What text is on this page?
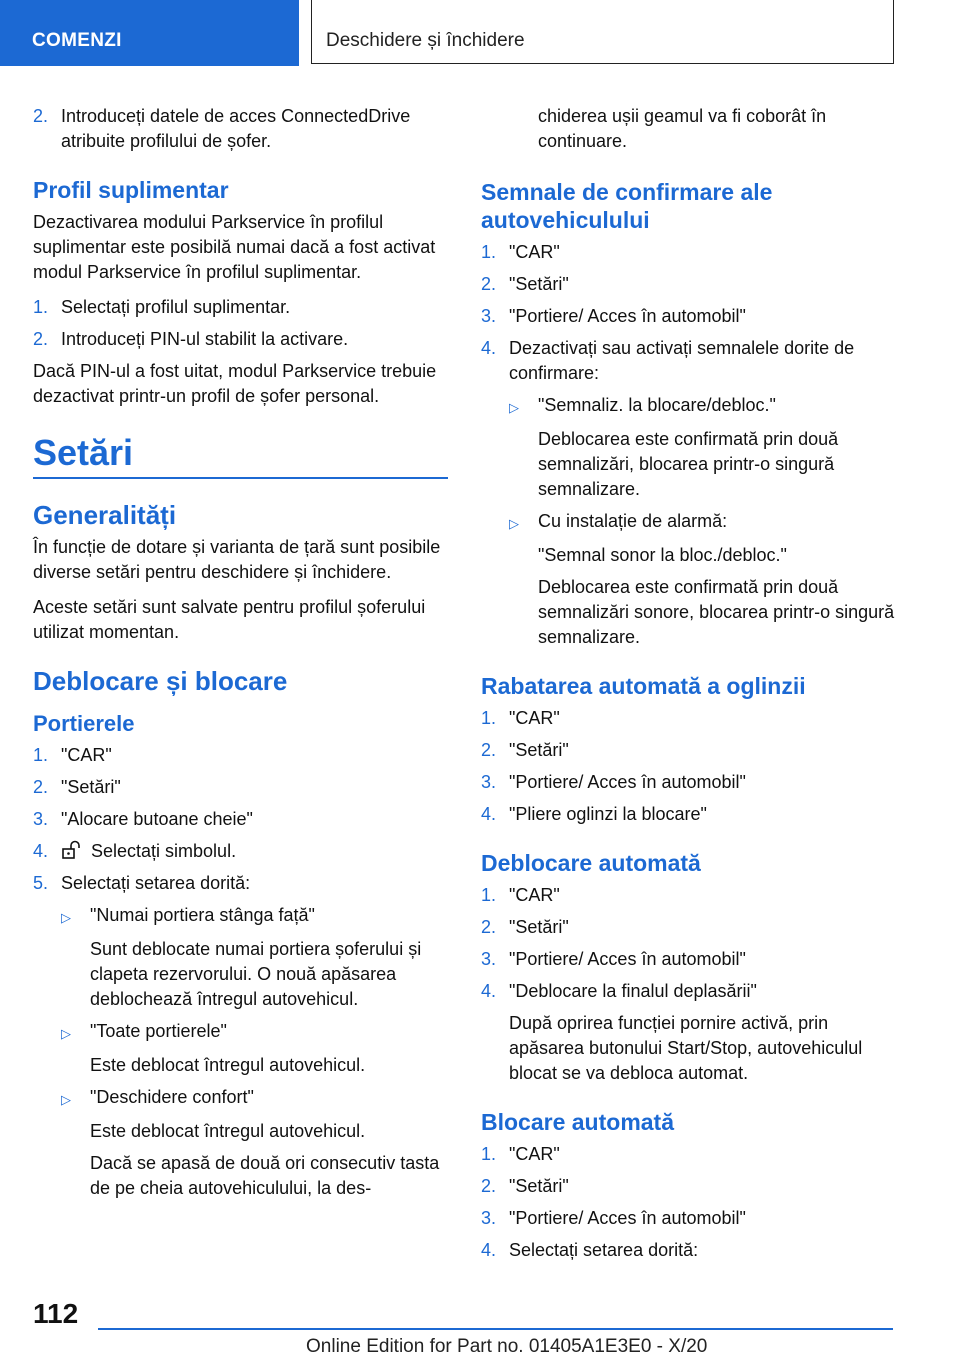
COMENZI	Deschidere și închidere
2. Introduceți datele de acces ConnectedDrive atribuite profilului de șofer.
Profil suplimentar

Dezactivarea modului Parkservice în profilul suplimentar este posibilă numai dacă a fost activat modul Parkservice în profilul suplimentar.

1. Selectați profilul suplimentar.
2. Introduceți PIN-ul stabilit la activare.

Dacă PIN-ul a fost uitat, modul Parkservice trebuie dezactivat printr-un profil de șofer personal.

Setări
Generalități

În funcție de dotare și varianta de țară sunt posibile diverse setări pentru deschidere și închidere.

Aceste setări sunt salvate pentru profilul șoferului utilizat momentan.

Deblocare și blocare
Portierele
1. "CAR"
2. "Setări"
3. "Alocare butoane cheie"
4.	Selectați simbolul.
5. Selectați setarea dorită:
▷	"Numai portiera stânga față"
Sunt deblocate numai portiera șoferului și clapeta rezervorului. O nouă apăsarea deblochează întregul autovehicul.
▷	"Toate portierele"
Este deblocat întregul autovehicul.
▷	"Deschidere confort"
Este deblocat întregul autovehicul.
Dacă se apasă de două ori consecutiv tasta de pe cheia autovehiculului, la des-
chiderea ușii geamul va fi coborât în continuare.
Semnale de confirmare ale autovehiculului
1. "CAR"
2. "Setări"
3. "Portiere/ Acces în automobil"
4. Dezactivați sau activați semnalele dorite de confirmare:
▷	"Semnaliz. la blocare/debloc."
Deblocarea este confirmată prin două semnalizări, blocarea printr-o singură semnalizare.
▷	Cu instalație de alarmă:
"Semnal sonor la bloc./debloc."
Deblocarea este confirmată prin două semnalizări sonore, blocarea printr-o singură semnalizare.
Rabatarea automată a oglinzii
1. "CAR"
2. "Setări"
3. "Portiere/ Acces în automobil"
4. "Pliere oglinzi la blocare"
Deblocare automată
1. "CAR"
2. "Setări"
3. "Portiere/ Acces în automobil"
4. "Deblocare la finalul deplasării"
După oprirea funcției pornire activă, prin apăsarea butonului Start/Stop, autovehiculul blocat se va debloca automat.
Blocare automată
1. "CAR"
2. "Setări"
3. "Portiere/ Acces în automobil"
4. Selectați setarea dorită:
112
Online Edition for Part no. 01405A1E3E0 - X/20
